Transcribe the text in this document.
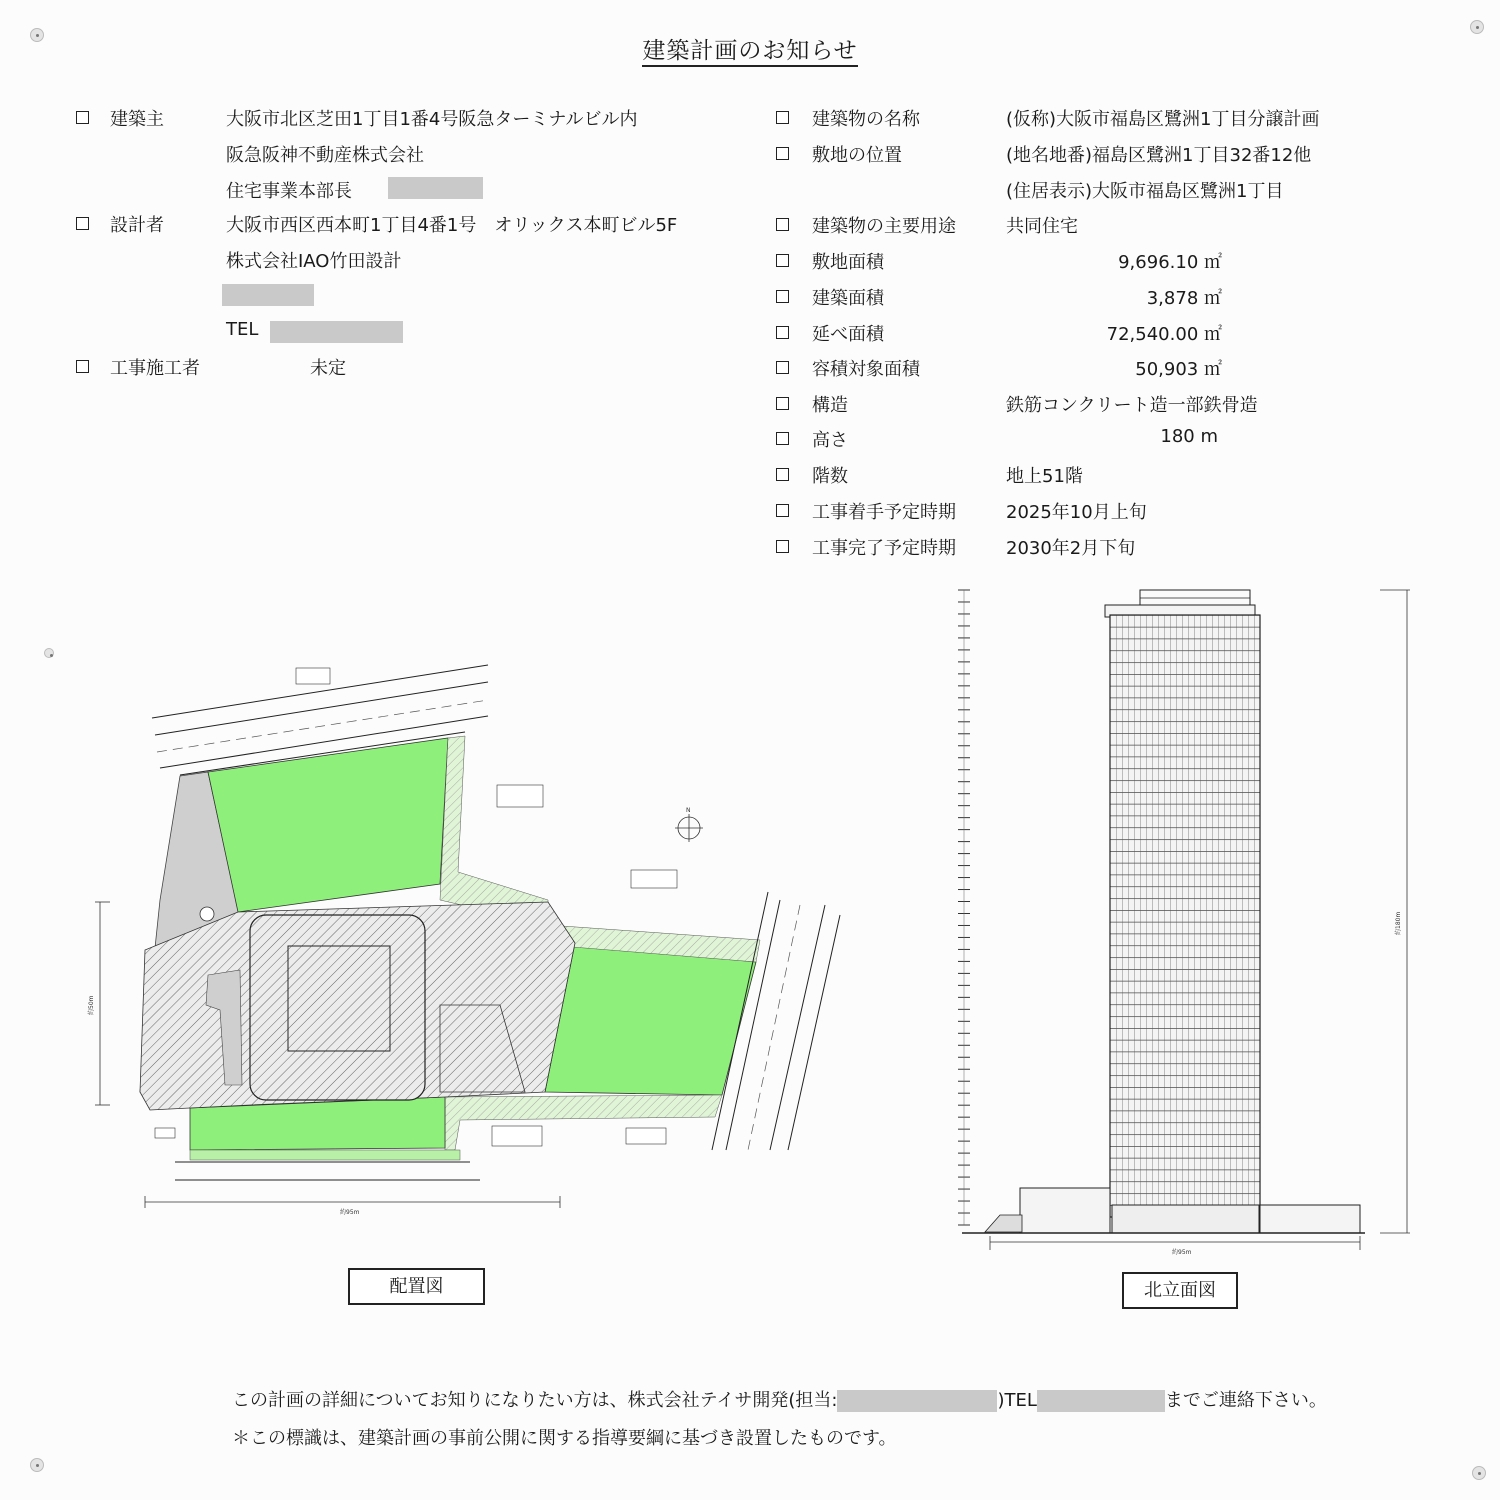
建築計画のお知らせ
建築主	大阪市北区芝田1丁目1番4号阪急ターミナルビル内
阪急阪神不動産株式会社
住宅事業本部長
設計者	大阪市西区西本町1丁目4番1号　オリックス本町ビル5F
株式会社IAO竹田設計
TEL
工事施工者	未定
建築物の名称	(仮称)大阪市福島区鷺洲1丁目分譲計画
敷地の位置	(地名地番)福島区鷺洲1丁目32番12他
(住居表示)大阪市福島区鷺洲1丁目
建築物の主要用途	共同住宅
敷地面積	9,696.10 ㎡
建築面積	3,878 ㎡
延べ面積	72,540.00 ㎡
容積対象面積	50,903 ㎡
構造	鉄筋コンクリート造一部鉄骨造
高さ	180 m
階数	地上51階
工事着手予定時期	2025年10月上旬
工事完了予定時期	2030年2月下旬
N
約50m
約95m
配置図
約180m
約95m
北立面図
この計画の詳細についてお知りになりたい方は、株式会社テイサ開発(担当:	)TEL	までご連絡下さい。
＊この標識は、建築計画の事前公開に関する指導要綱に基づき設置したものです。
